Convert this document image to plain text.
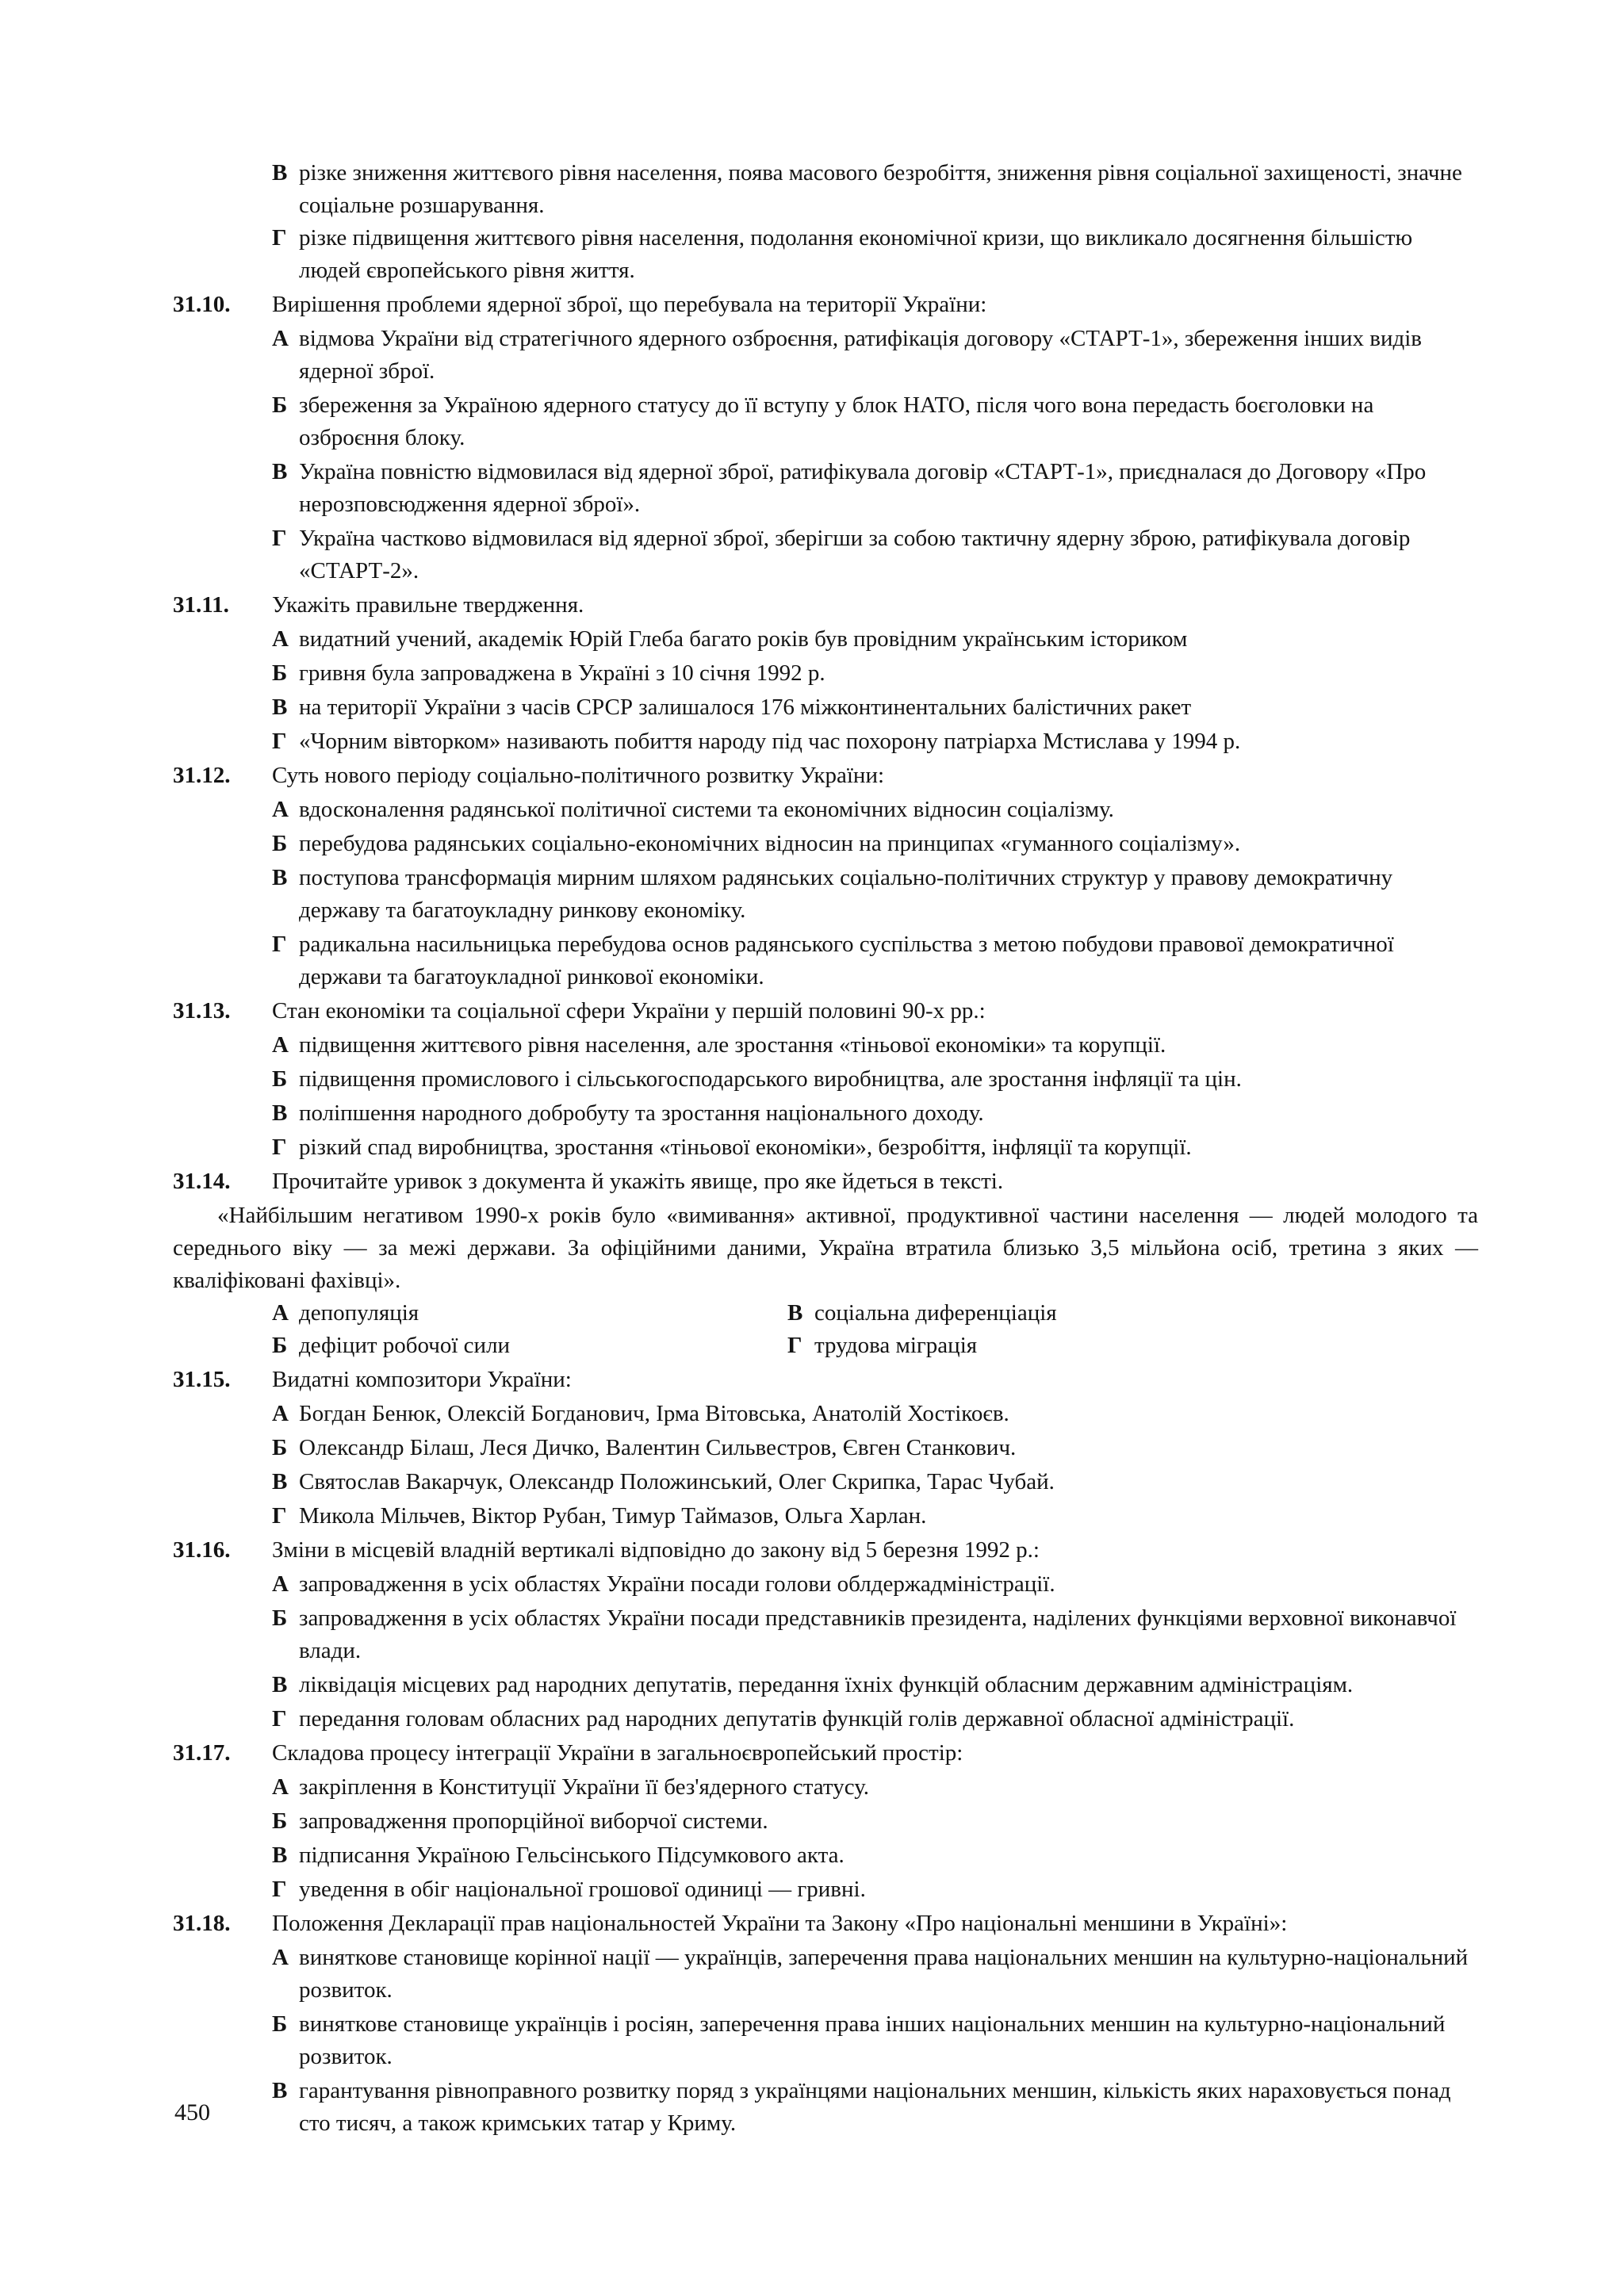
В різке зниження життєвого рівня населення, поява масового безробіття, зниження рівня соціальної захищеності, значне соціальне розшарування.
Г різке підвищення життєвого рівня населення, подолання економічної кризи, що викликало досягнення більшістю людей європейського рівня життя.
31.10. Вирішення проблеми ядерної зброї, що перебувала на території України:
А відмова України від стратегічного ядерного озброєння, ратифікація договору «СТАРТ-1», збереження інших видів ядерної зброї.
Б збереження за Україною ядерного статусу до її вступу у блок НАТО, після чого вона передасть боєголовки на озброєння блоку.
В Україна повністю відмовилася від ядерної зброї, ратифікувала договір «СТАРТ-1», приєдналася до Договору «Про нерозповсюдження ядерної зброї».
Г Україна частково відмовилася від ядерної зброї, зберігши за собою тактичну ядерну зброю, ратифікувала договір «СТАРТ-2».
31.11. Укажіть правильне твердження.
А видатний учений, академік Юрій Глеба багато років був провідним українським істориком
Б гривня була запроваджена в Україні з 10 січня 1992 р.
В на території України з часів СРСР залишалося 176 міжконтинентальних балістичних ракет
Г «Чорним вівторком» називають побиття народу під час похорону патріарха Мстислава у 1994 р.
31.12. Суть нового періоду соціально-політичного розвитку України:
А вдосконалення радянської політичної системи та економічних відносин соціалізму.
Б перебудова радянських соціально-економічних відносин на принципах «гуманного соціалізму».
В поступова трансформація мирним шляхом радянських соціально-політичних структур у правову демократичну державу та багатоукладну ринкову економіку.
Г радикальна насильницька перебудова основ радянського суспільства з метою побудови правової демократичної держави та багатоукладної ринкової економіки.
31.13. Стан економіки та соціальної сфери України у першій половині 90-х рр.:
А підвищення життєвого рівня населення, але зростання «тіньової економіки» та корупції.
Б підвищення промислового і сільськогосподарського виробництва, але зростання інфляції та цін.
В поліпшення народного добробуту та зростання національного доходу.
Г різкий спад виробництва, зростання «тіньової економіки», безробіття, інфляції та корупції.
31.14. Прочитайте уривок з документа й укажіть явище, про яке йдеться в тексті.
«Найбільшим негативом 1990-х років було «вимивання» активної, продуктивної частини населення — людей молодого та середнього віку — за межі держави. За офіційними даними, Україна втратила близько 3,5 мільйона осіб, третина з яких — кваліфіковані фахівці».
А депопуляція	В соціальна диференціація
Б дефіцит робочої сили	Г трудова міграція
31.15. Видатні композитори України:
А Богдан Бенюк, Олексій Богданович, Ірма Вітовська, Анатолій Хостікоєв.
Б Олександр Білаш, Леся Дичко, Валентин Сильвестров, Євген Станкович.
В Святослав Вакарчук, Олександр Положинський, Олег Скрипка, Тарас Чубай.
Г Микола Мільчев, Віктор Рубан, Тимур Таймазов, Ольга Харлан.
31.16. Зміни в місцевій владній вертикалі відповідно до закону від 5 березня 1992 р.:
А запровадження в усіх областях України посади голови облдержадміністрації.
Б запровадження в усіх областях України посади представників президента, наділених функціями верховної виконавчої влади.
В ліквідація місцевих рад народних депутатів, передання їхніх функцій обласним державним адміністраціям.
Г передання головам обласних рад народних депутатів функцій голів державної обласної адміністрації.
31.17. Складова процесу інтеграції України в загальноєвропейський простір:
А закріплення в Конституції України її без'ядерного статусу.
Б запровадження пропорційної виборчої системи.
В підписання Україною Гельсінського Підсумкового акта.
Г уведення в обіг національної грошової одиниці — гривні.
31.18. Положення Декларації прав національностей України та Закону «Про національні меншини в Україні»:
А виняткове становище корінної нації — українців, заперечення права національних меншин на культурно-національний розвиток.
Б виняткове становище українців і росіян, заперечення права інших національних меншин на культурно-національний розвиток.
В гарантування рівноправного розвитку поряд з українцями національних меншин, кількість яких нараховується понад сто тисяч, а також кримських татар у Криму.
450
